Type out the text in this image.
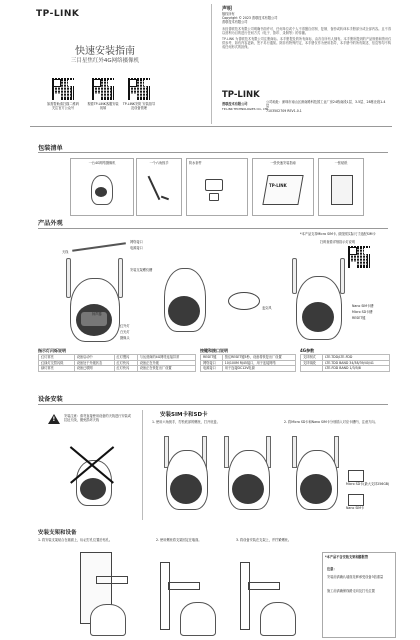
TP-LINK
快速安装指南
三目星焦红外4G网络摄像机
如需帮助请扫描二维码关注官方公众号
观看TP-LINK客服安装视频
TP-LINK安防 安装指导及设备管理
声明
版权所有
Copyright © 2023 普联技术有限公司
普联技术有限公司
未经普联技术有限公司明确书面许可，任何单位或个人不得擅自仿制、复制、誊抄或转译本手册部分或全部内容。且不得以营利为目的进行任何方式（电子、影印、录制等）的传播。
TP-LINK 为普联技术有限公司注册商标。本手册提及的所有商标，由各自所有人拥有。本手册所提到的产品规格和资讯仅供参考，如有内容更新，恕不另行通知。除非有特殊约定，本手册仅作为使用指导，本手册中的所有陈述、信息等均不构成任何形式的担保。
TP-LINK
普联技术有限公司
TP-LINK TECHNOLOGIES CO., LTD.
公司地址：深圳市南山区深南路科技园工业厂房24栋南段1层、3-5层、28栋北段1-4层
7103502709 REV1.0.1
包装清单
一台4G网络摄像机	一个六角扳手	防水套件	一张快速安装指南
TP-LINK
一张贴纸
产品外观
*本产品支持Micro SIM卡, 请按照实际尺寸选配SIM卡
扫码查看详细指示灯说明
网络接口
电源接口
天线
安装支架螺纹槽
扬声器
红外灯
白光灯
摄像头
麦克风	Nano SIM卡槽
Micro SD卡槽
RESET键
指示灯闪烁说明
红灯常亮	设备启动中	红灯慢闪	与运营商的4G网络连接异常
红绿灯交替闪烁	设备处于升级状态	红灯快闪	设备正在升级
绿灯常亮	设备已联网	红灯快闪	设备正在恢复出厂设置
按键和接口说明
RESET键	按住RESET键5秒，设备将恢复出厂设置
网络接口	10/100M RJ45接口，用于连接网络
电源接口	用于连接DC12V电源
4G参数
支持制式	LTE-TDD/LTE-FDD
支持频段	LTE-TDD BAND 34/38/39/40/41
	LTE-FDD BAND 1/3/5/8
设备安装
!
安装注意：请勿直接使用设备的天线进行安装或拉扯天线，避免损坏天线
安装SIM卡和SD卡
1. 使用六角扳手，拧松底部的螺丝，打开底盖。	2. 将Micro SD卡和Nano SIM卡分别插入对应卡槽内，注意方向。
Micro SD卡(最大支持256GB)
Nano SIM卡
安装支架和设备
1. 将安装支架贴合在墙面上，标记打孔位置后钻孔。	2. 使用螺丝将支架固定在墙面。	3. 将设备安装在支架上，并拧紧螺丝。
*本产品不含安装支架和膨胀管
注意：
安装前请确认墙面足够承受设备3倍重量
施工前请确保线路走向及打孔位置
